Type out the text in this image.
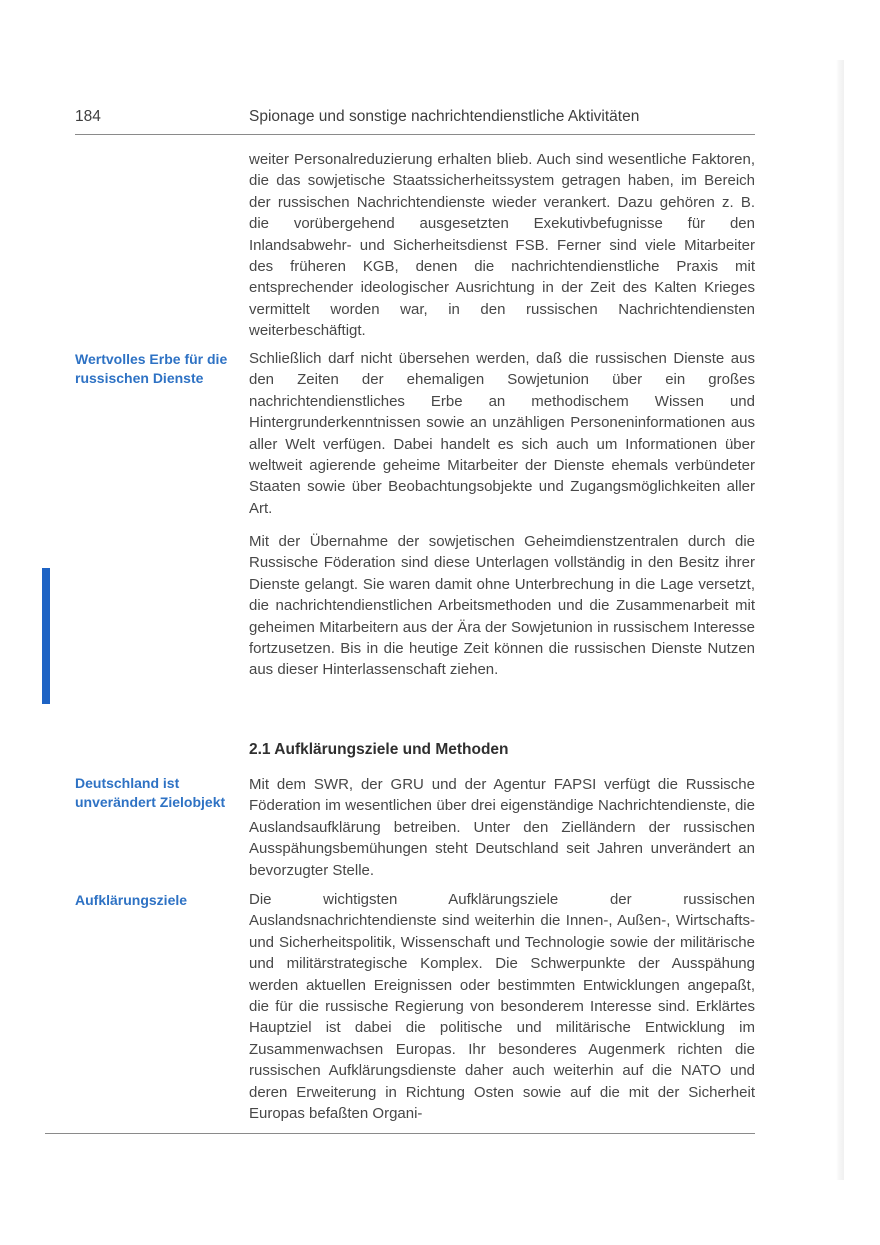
184	Spionage und sonstige nachrichtendienstliche Aktivitäten

weiter Personalreduzierung erhalten blieb. Auch sind wesentliche Faktoren, die das sowjetische Staatssicherheitssystem getragen haben, im Bereich der russischen Nachrichtendienste wieder verankert. Dazu gehören z. B. die vorübergehend ausgesetzten Exekutivbefugnisse für den Inlandsabwehr- und Sicherheitsdienst FSB. Ferner sind viele Mitarbeiter des früheren KGB, denen die nachrichtendienstliche Praxis mit entsprechender ideologischer Ausrichtung in der Zeit des Kalten Krieges vermittelt worden war, in den russischen Nachrichtendiensten weiterbeschäftigt.

Wertvolles Erbe für die russischen Dienste

Schließlich darf nicht übersehen werden, daß die russischen Dienste aus den Zeiten der ehemaligen Sowjetunion über ein großes nachrichtendienstliches Erbe an methodischem Wissen und Hintergrunderkenntnissen sowie an unzähligen Personeninformationen aus aller Welt verfügen. Dabei handelt es sich auch um Informationen über weltweit agierende geheime Mitarbeiter der Dienste ehemals verbündeter Staaten sowie über Beobachtungsobjekte und Zugangsmöglichkeiten aller Art.

Mit der Übernahme der sowjetischen Geheimdienstzentralen durch die Russische Föderation sind diese Unterlagen vollständig in den Besitz ihrer Dienste gelangt. Sie waren damit ohne Unterbrechung in die Lage versetzt, die nachrichtendienstlichen Arbeitsmethoden und die Zusammenarbeit mit geheimen Mitarbeitern aus der Ära der Sowjetunion in russischem Interesse fortzusetzen. Bis in die heutige Zeit können die russischen Dienste Nutzen aus dieser Hinterlassenschaft ziehen.

2.1 Aufklärungsziele und Methoden

Deutschland ist unverändert Zielobjekt

Mit dem SWR, der GRU und der Agentur FAPSI verfügt die Russische Föderation im wesentlichen über drei eigenständige Nachrichtendienste, die Auslandsaufklärung betreiben. Unter den Zielländern der russischen Ausspähungsbemühungen steht Deutschland seit Jahren unverändert an bevorzugter Stelle.

Aufklärungsziele	Die wichtigsten Aufklärungsziele der russischen Auslandsnachrichtendienste sind weiterhin die Innen-, Außen-, Wirtschafts- und Sicherheitspolitik, Wissenschaft und Technologie sowie der militärische und militärstrategische Komplex. Die Schwerpunkte der Ausspähung werden aktuellen Ereignissen oder bestimmten Entwicklungen angepaßt, die für die russische Regierung von besonderem Interesse sind. Erklärtes Hauptziel ist dabei die politische und militärische Entwicklung im Zusammenwachsen Europas. Ihr besonderes Augenmerk richten die russischen Aufklärungsdienste daher auch weiterhin auf die NATO und deren Erweiterung in Richtung Osten sowie auf die mit der Sicherheit Europas befaßten Organi-
